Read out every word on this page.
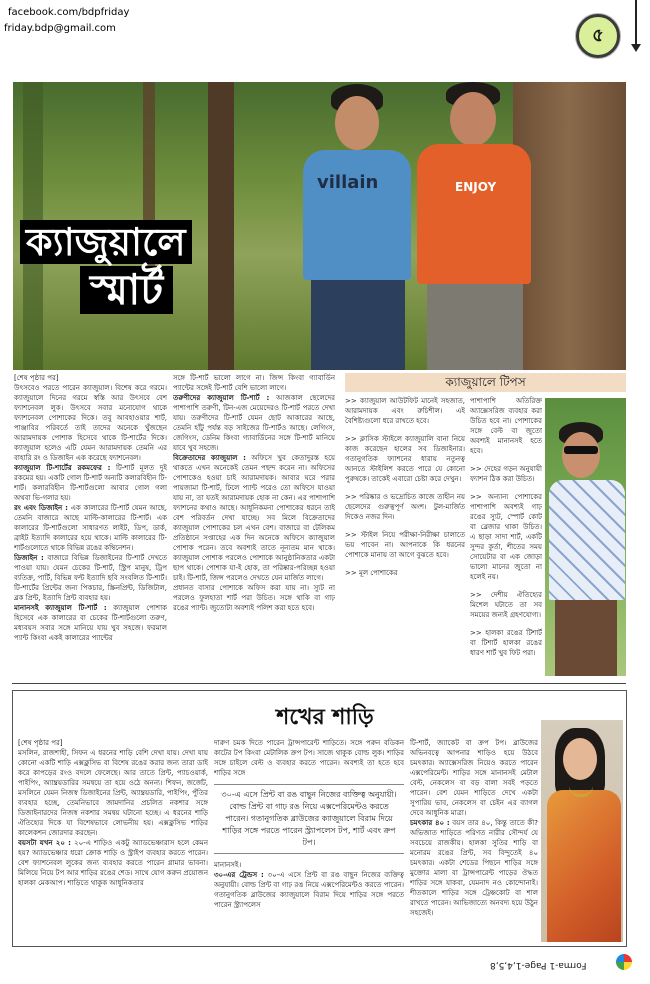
facebook.com/bdpfriday
friday.bdp@gmail.com	৫
villain	ENJOY
ক্যাজুয়ালে স্মার্ট

[শেষ পৃষ্ঠার পর]

উৎসবেও পরতে পারেন ক্যাজুয়াল। বিশেষ করে গরমে। ক্যাজুয়ালে দিনের গরমে স্বস্তি আর উৎসবে বেশ ফ্যাশনেবল লুক। উৎসবে সবার মনোযোগ থাকে ফ্যাশনেবল পোশাকের দিকে। তবু আবহাওয়ার শার্ট, পাঞ্জাবির পরিবর্তে তাই তাদের অনেকে খুঁজছেন আরামদায়ক পোশাক হিসেবে থাকে টি-শার্টের দিকে। ক্যাজুয়াল হলেও এটি যেমন আরামদায়ক তেমনি এর বাহারি রং ও ডিজাইন এক করেছে ফ্যাশনেবল।

ক্যাজুয়াল টি-শার্টের রকমফের : টি-শার্ট মূলত দুই রকমের হয়। একটি গোল টি-শার্ট অন্যটি কলারবিহীন টি-শার্ট। কলারবিহীন টি-শার্টগুলো আবার গোল গলা অথবা ভি-গলার হয়।

রং এবং ডিজাইন : এক কালারের টি-শার্ট যেমন আছে, তেমনি বাজারে আছে মাল্টি-কালারের টি-শার্ট। এক কালারের টি-শার্টগুলো সাধারণত লাইট, ডিপ, ডার্ক, ব্রাইট ইত্যাদি কালারের হয়ে থাকে। মাল্টি কালারের টি-শার্টগুলোতে থাকে বিভিন্ন রঙের কম্বিনেশন।

ডিজাইন : বাজারে বিভিন্ন ডিজাইনের টি-শার্ট দেখতে পাওয়া যায়। যেমন চেকের টি-শার্ট, স্ট্রিপ মানুষ, ট্রিপ ব্যতিক্র, পার্টি, বিভিন্ন ফন্ট ইত্যাদি ছবি সংবলিত টি-শার্ট। টি-শার্টের প্রিন্টের জন্য পিকচার, স্ক্রিনপ্রিন্ট, ডিজিটাল, ব্লক প্রিন্ট, ইত্যাদি প্রিন্ট ব্যবহার হয়।

মানানসই ক্যাজুয়াল টি-শার্ট : ক্যাজুয়াল পোশাক হিসেবে এক কালারের বা চেকের টি-শার্টগুলো তরুণ, মধ্যবয়স সবার সঙ্গে মানিয়ে যায় খুব সহজে। ফরমাল প্যান্ট কিংবা একই কালারের প্যান্টের

সঙ্গে টি-শার্ট ভালো লাগে না। জিন্স কিংবা গ্যাবার্ডিন প্যান্টের সঙ্গেই টি-শার্ট বেশি ভালো লাগে।

তরুণীদের ক্যাজুয়াল টি-শার্ট : আজকাল ছেলেদের পাশাপাশি তরুণী, টিন-এজ মেয়েদেরও টি-শার্ট পরতে দেখা যায়। তরুণীদের টি-শার্ট যেমন ছোট আকারের আছে, তেমনি হাঁটু পর্যন্ত বড় সাইজের টি-শার্টও আছে। লেগিংস, জেগিংস, ডেনিম কিংবা গ্যাবার্ডিনের সঙ্গে টি-শার্ট মানিয়ে যাবে খুব সহজে।

বিক্রেতাদের ক্যাজুয়াল : অফিসে খুব কেতাদুরস্ত হয়ে থাকতে এখন অনেকেই তেমন পছন্দ করেন না। অফিসের পোশাকেও হওয়া চাই আরামদায়ক। আবার ঘরে পরার পায়জামা টি-শার্ট, ঢিলে প্যান্ট পরেও তো অফিসে যাওয়া যায় না, তা যতই আরামদায়ক হোক না কেন। এর পাশাপাশি ফ্যাশনের কথাও আছে। আধুনিকমনা পোশাকের ধরনে তাই বেশ পরিবর্তন দেখা যাচ্ছে। সব মিলে বিক্রেতাদের ক্যাজুয়াল পোশাকের চল এখন বেশ। বাজারে বা টেলিকম প্রতিষ্ঠানে সপ্তাহের এক দিন অনেকে অফিসে ক্যাজুয়াল পোশাক পরেন। তবে অবশ্যই তাতে নূন্যতম মান থাকে। ক্যাজুয়াল পোশাক পরলেও পোশাকে আনুষ্ঠানিকতার একটা ছাপ থাকে। পোশাক যা-ই হোক, তা পরিষ্কার-পরিচ্ছন্ন হওয়া চাই। টি-শার্ট, জিন্স পরলেও দেখতে যেন মার্জিত লাগে।

প্রধানত বাসার পোশাকে অফিস করা যায় না। স্যুট না পরলেও ফুলহাতা শার্ট পরা উচিত। সঙ্গে থাকি বা গাঢ় রঙের প্যান্ট। জুতোটা অবশ্যই পলিশ করা হতে হবে।

ক্যাজুয়ালে টিপস

>> ক্যাজুয়াল আউটফিট মানেই সহজাত, আরামদায়ক এবং রুচিশীল। এই বৈশিষ্ট্যগুলো ধরে রাখতে হবে।

>> ক্লাসিক স্টাইলে ক্যাজুয়ালি বানা নিয়ে কাজ করেছেন হালের সব ডিজাইনার। গতানুগতিক ফ্যাশনের ধারায় নতুনত্ব আনতে স্টাইলিশ করতে পারে যে কোনো পুরুষকে। তাকেই এবারো চেষ্টা করে দেখুন।

>> পরিষ্কার ও ভদ্রোচিত কাজে তাহীন নয় ছেলেদের গুরুত্বপূর্ণ অংশ। টুল-মার্জিত দিকেও নজর দিন।

>> স্টাইল নিয়ে পরীক্ষা-নিরীক্ষা চালাতে ভয় পাবেন না। আপনাকে কি ধরনের পোশাকে মানায় তা আগে বুঝতে হবে।

>> মূল পোশাকের

পাশাপাশি অতিরিক্ত অ্যাক্সেসরিজ ব্যবহার করা উচিত হবে না। পোশাকের সঙ্গে বেল্ট বা জুতো অবশ্যই মানানসই হতে হবে।

>> দেহের গড়ন অনুযায়ী ফ্যাশন ঠিক করা উচিত।

>> অন্যান্য পোশাকের পাশাপাশি অবশ্যই গাঢ় রঙের স্যুট, স্পোর্ট কোট বা ব্লেজার থাকা উচিত। এ ছাড়া সাদা শার্ট, একটি সুন্দর কুর্তা, শীতের সময় সোয়েটার বা এক জোড়া ভালো মানের জুতো না হলেই নয়।

>> দেশীয় ঐতিহ্যের মিশেল ঘটাতে তা সব সময়ের জন্যই গ্রহণযোগ্য।

>> হালকা রঙের টিশার্ট বা টিশার্ট হালকা রঙের ধারণ শার্ট খুব ফিট পরা।

শখের শাড়ি

[শেষ পৃষ্ঠার পর]

মসলিন, রাজশাহী, সিফন এ ধরনের শাড়ি বেশি দেখা যায়। দেখা যায় কোনো একটি শাড়ি এক্সক্লুসিভ বা বিশেষ রঙের করার জন্য তারা ডাই করে কাপড়ের রংও বদলে ফেলেছে। আর তাতে প্রিন্ট, প্যাচওয়ার্ক, পাইপিং, অ্যাম্ব্রয়ডারির সমন্বয়ে তা হয়ে ওঠে অনন্য। শিফন, জর্জেট, মসলিনে যেমন নিজস্ব ডিজাইনের প্রিন্ট, অ্যাম্ব্রয়ডারি, পাইপিং, পুঁতির ব্যবহার হচ্ছে, তেমনিভাবে জামদানির প্রচলিত নকশার সঙ্গে ডিজাইনারদের নিজস্ব নকশার সমন্বয় ঘটানো হচ্ছে। এ ধরনের শাড়ি ঐতিহ্যের দিকে যা বিশেষভাবে লোভনীয় হয়। এক্সক্লুসিভ শাড়ির কালেকশন জোরদার করছেন।

বয়সটা যখন ২০ : ২০-এ শাড়িও একটু অ্যাডভেঞ্চারাস হলে কেমন হয়? অ্যাডভেঞ্চার ধরো ক্রোক শাড়ি ও স্ট্রাইপ ব্যবহার করতে পারেন। বেশ ফ্যাশনেবল লুকের জন্য ব্যবহার করতে পারেন গ্লামার ভাবনা। মিলিয়ে নিয়ে টপ আর শাড়ির রঙের শেড। সাথে যোগ করুন প্রয়োজন হালকা মেকআপ। শাড়িতে থাকুক আধুনিকতার

দারুণ চমক দিতে পারেন ট্রান্সপারেন্ট শাড়িতে। সঙ্গে পরুন বডিকন কাটের টপ কিংবা মেটালিক ক্রপ টপ। সাজে থাকুক বোল্ড লুক। শাড়ির সঙ্গে চাইলে বেল্ট ও ব্যবহার করতে পারেন। অবশ্যই তা হতে হবে শাড়ির সঙ্গে

৩০-এ এসে প্রিন্ট বা রঙ বাছুন নিজের ব্যক্তিত্ব অনুযায়ী। বোল্ড প্রিন্ট বা গাঢ় রঙ নিয়ে এক্সপেরিমেন্টও করতে পারেন। গতানুগতিক ব্লাউজের ক্যাজুয়ালে বিরাম দিয়ে শাড়ির সঙ্গে পরতে পারেন স্ট্র্যাপলেস টপ, শার্ট এবং ক্রপ টপ।

মানানসই।

৩০-এর ট্রেন্ডস : ৩০-এ এসে প্রিন্ট বা রঙ বাছুন নিজের ব্যক্তিত্ব অনুযায়ী। বোল্ড প্রিন্ট বা গাঢ় রঙ নিয়ে এক্সপেরিমেন্টও করতে পারেন। গতানুগতিক ব্লাউজের ক্যাজুয়ালে বিরাম দিয়ে শাড়ির সঙ্গে পরতে পারেন স্ট্র্যাপলেস

টি-শার্ট, জ্যাকেট বা ক্রপ টপ। ব্লাউজের অভিনবত্বে আপনার শাড়িও হয়ে উঠবে চমৎকার। অ্যাক্সেসরিজ নিয়েও করতে পারেন এক্সপেরিমেন্ট। শাড়ির সঙ্গে মানানসই মেটাল বেল্ট, নেকলেস বা বড় বালা সবই পড়তে পারেন। বেশ যেমন শাড়িতে দেখে একটা সুপারিয় ভাব, নেকলেস বা চেইন এর ব্যাগল দেবে আধুনিক মাত্রা।

চমৎকার ৪০ : বয়স তার ৪০, কিন্তু তাতে কী? অভিজাত শাড়িতে পরিণত নারীর সৌন্দর্য যে সবচেয়ে রাজকীয়। হালকা সুতির শাড়ি বা মনোরম রঙের প্রিন্ট, সব বিন্দুতেই ৪০ চমৎকার। একটা শেডের পিছনে শাড়ির সঙ্গে মুক্তোর মালা বা ট্রান্সপারেন্ট পাড়ের ঔদ্ধত শাড়ির সঙ্গে যাকবা, যেমনাদ নও কোন্দোনাই। শীতকালে শাড়ির সঙ্গে ট্রেঞ্চকোট বা শাল রাখতে পারেন। আভিজাত্যে অনবদ্য হয়ে উঠুন সহজেই।

Forma-1 Page-1,4,5,8
